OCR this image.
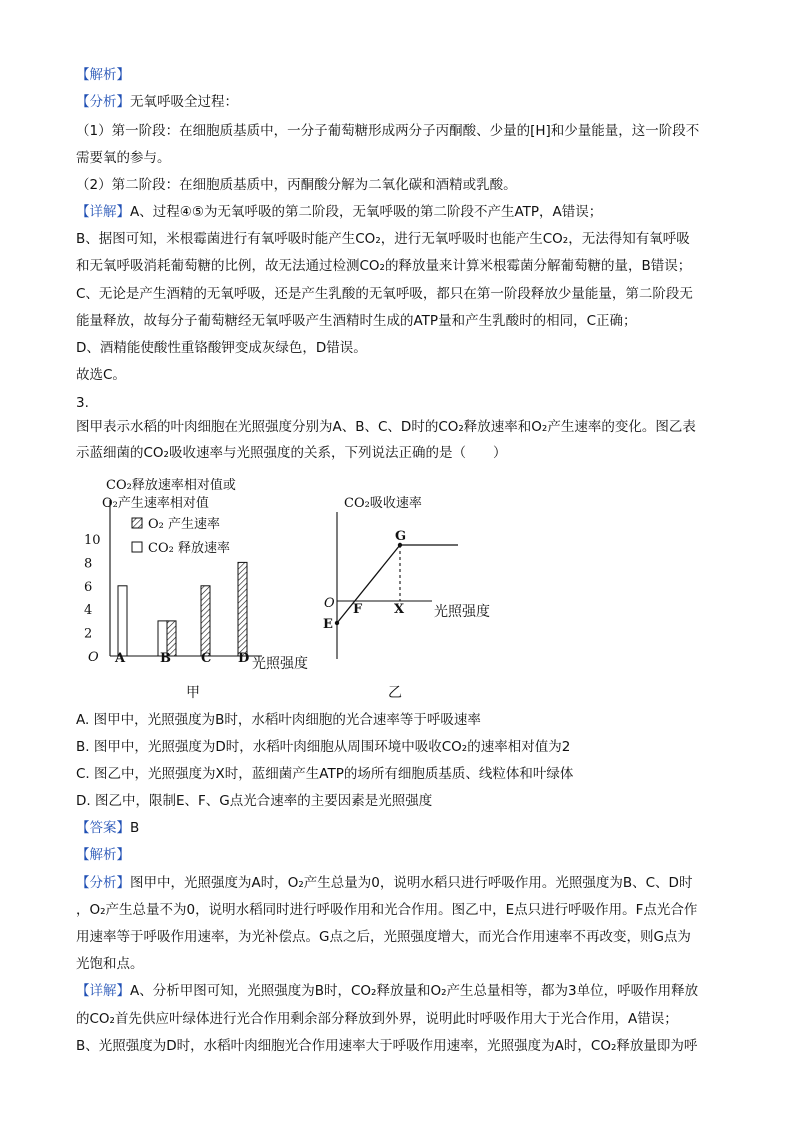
【解析】
【分析】无氧呼吸全过程：
（1）第一阶段：在细胞质基质中，一分子葡萄糖形成两分子丙酮酸、少量的[H]和少量能量，这一阶段不
需要氧的参与。
（2）第二阶段：在细胞质基质中，丙酮酸分解为二氧化碳和酒精或乳酸。
【详解】A、过程④⑤为无氧呼吸的第二阶段，无氧呼吸的第二阶段不产生ATP，A错误；
B、据图可知，米根霉菌进行有氧呼吸时能产生CO₂，进行无氧呼吸时也能产生CO₂，无法得知有氧呼吸
和无氧呼吸消耗葡萄糖的比例，故无法通过检测CO₂的释放量来计算米根霉菌分解葡萄糖的量，B错误；
C、无论是产生酒精的无氧呼吸，还是产生乳酸的无氧呼吸，都只在第一阶段释放少量能量，第二阶段无
能量释放，故每分子葡萄糖经无氧呼吸产生酒精时生成的ATP量和产生乳酸时的相同，C正确；
D、酒精能使酸性重铬酸钾变成灰绿色，D错误。
故选C。
3.
图甲表示水稻的叶肉细胞在光照强度分别为A、B、C、D时的CO₂释放速率和O₂产生速率的变化。图乙表
示蓝细菌的CO₂吸收速率与光照强度的关系，下列说法正确的是（　　）
CO₂释放速率相对值或
O₂产生速率相对值
O
10
8
6
4
2
A	B C D
O₂ 产生速率
CO₂ 释放速率
光照强度
甲
CO₂吸收速率
O
光照强度
E
F X
G
乙
A. 图甲中，光照强度为B时，水稻叶肉细胞的光合速率等于呼吸速率
B. 图甲中，光照强度为D时，水稻叶肉细胞从周围环境中吸收CO₂的速率相对值为2
C. 图乙中，光照强度为X时，蓝细菌产生ATP的场所有细胞质基质、线粒体和叶绿体
D. 图乙中，限制E、F、G点光合速率的主要因素是光照强度
【答案】B
【解析】
【分析】图甲中，光照强度为A时，O₂产生总量为0，说明水稻只进行呼吸作用。光照强度为B、C、D时
，O₂产生总量不为0，说明水稻同时进行呼吸作用和光合作用。图乙中，E点只进行呼吸作用。F点光合作
用速率等于呼吸作用速率，为光补偿点。G点之后，光照强度增大，而光合作用速率不再改变，则G点为
光饱和点。
【详解】A、分析甲图可知，光照强度为B时，CO₂释放量和O₂产生总量相等，都为3单位，呼吸作用释放
的CO₂首先供应叶绿体进行光合作用剩余部分释放到外界，说明此时呼吸作用大于光合作用，A错误；
B、光照强度为D时，水稻叶肉细胞光合作用速率大于呼吸作用速率，光照强度为A时，CO₂释放量即为呼
